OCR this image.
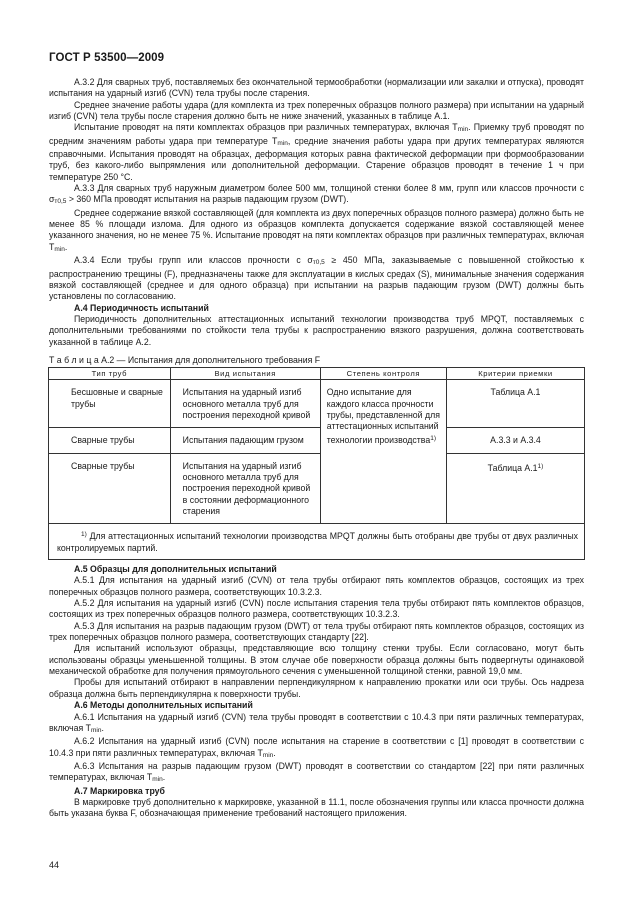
ГОСТ Р 53500—2009

А.3.2 Для сварных труб, поставляемых без окончательной термообработки (нормализации или закалки и отпуска), проводят испытания на ударный изгиб (CVN) тела трубы после старения.

Среднее значение работы удара (для комплекта из трех поперечных образцов полного размера) при испытании на ударный изгиб (CVN) тела трубы после старения должно быть не ниже значений, указанных в таблице А.1.

Испытание проводят на пяти комплектах образцов при различных температурах, включая Tmin. Приемку труб проводят по средним значениям работы удара при температуре Tmin, средние значения работы удара при других температурах являются справочными. Испытания проводят на образцах, деформация которых равна фактической деформации при формообразовании труб, без какого-либо выпрямления или дополнительной деформации. Старение образцов проводят в течение 1 ч при температуре 250 °С.

А.3.3 Для сварных труб наружным диаметром более 500 мм, толщиной стенки более 8 мм, групп или классов прочности с σт0,5 > 360 МПа проводят испытания на разрыв падающим грузом (DWT).

Среднее содержание вязкой составляющей (для комплекта из двух поперечных образцов полного размера) должно быть не менее 85 % площади излома. Для одного из образцов комплекта допускается содержание вязкой составляющей менее указанного значения, но не менее 75 %. Испытание проводят на пяти комплектах образцов при различных температурах, включая Tmin.

А.3.4 Если трубы групп или классов прочности с σт0,5 ≥ 450 МПа, заказываемые с повышенной стойкостью к распространению трещины (F), предназначены также для эксплуатации в кислых средах (S), минимальные значения содержания вязкой составляющей (среднее и для одного образца) при испытании на разрыв падающим грузом (DWT) должны быть установлены по согласованию.

А.4 Периодичность испытаний

Периодичность дополнительных аттестационных испытаний технологии производства труб MPQT, поставляемых с дополнительными требованиями по стойкости тела трубы к распространению вязкого разрушения, должна соответствовать указанной в таблице А.2.

Т а б л и ц а А.2 — Испытания для дополнительного требования F
Тип труб	Вид испытания	Степень контроля	Критерии приемки

Бесшовные и сварные трубы	Испытания на ударный изгиб основного металла труб для построения переходной кривой	Одно испытание для каждого класса прочности трубы, представленной для аттестационных испытаний технологии производства$^{1)}$	Таблица А.1

Сварные трубы	Испытания падающим грузом		А.3.3 и А.3.4

Сварные трубы	Испытания на ударный изгиб основного металла труб для построения переходной кривой в состоянии деформационного старения		Таблица А.1$^{1)}$

$^{1)}$ Для аттестационных испытаний технологии производства MPQT должны быть отобраны две трубы от двух различных контролируемых партий.			

А.5 Образцы для дополнительных испытаний

А.5.1 Для испытания на ударный изгиб (CVN) от тела трубы отбирают пять комплектов образцов, состоящих из трех поперечных образцов полного размера, соответствующих 10.3.2.3.

А.5.2 Для испытания на ударный изгиб (CVN) после испытания старения тела трубы отбирают пять комплектов образцов, состоящих из трех поперечных образцов полного размера, соответствующих 10.3.2.3.

А.5.3 Для испытания на разрыв падающим грузом (DWT) от тела трубы отбирают пять комплектов образцов, состоящих из трех поперечных образцов полного размера, соответствующих стандарту [22].

Для испытаний используют образцы, представляющие всю толщину стенки трубы. Если согласовано, могут быть использованы образцы уменьшенной толщины. В этом случае обе поверхности образца должны быть подвергнуты одинаковой механической обработке для получения прямоугольного сечения с уменьшенной толщиной стенки, равной 19,0 мм.

Пробы для испытаний отбирают в направлении перпендикулярном к направлению прокатки или оси трубы. Ось надреза образца должна быть перпендикулярна к поверхности трубы.

А.6 Методы дополнительных испытаний

А.6.1 Испытания на ударный изгиб (CVN) тела трубы проводят в соответствии с 10.4.3 при пяти различных температурах, включая Tmin.

А.6.2 Испытания на ударный изгиб (CVN) после испытания на старение в соответствии с [1] проводят в соответствии с 10.4.3 при пяти различных температурах, включая Tmin.

А.6.3 Испытания на разрыв падающим грузом (DWT) проводят в соответствии со стандартом [22] при пяти различных температурах, включая Tmin.

А.7 Маркировка труб

В маркировке труб дополнительно к маркировке, указанной в 11.1, после обозначения группы или класса прочности должна быть указана буква F, обозначающая применение требований настоящего приложения.

44
